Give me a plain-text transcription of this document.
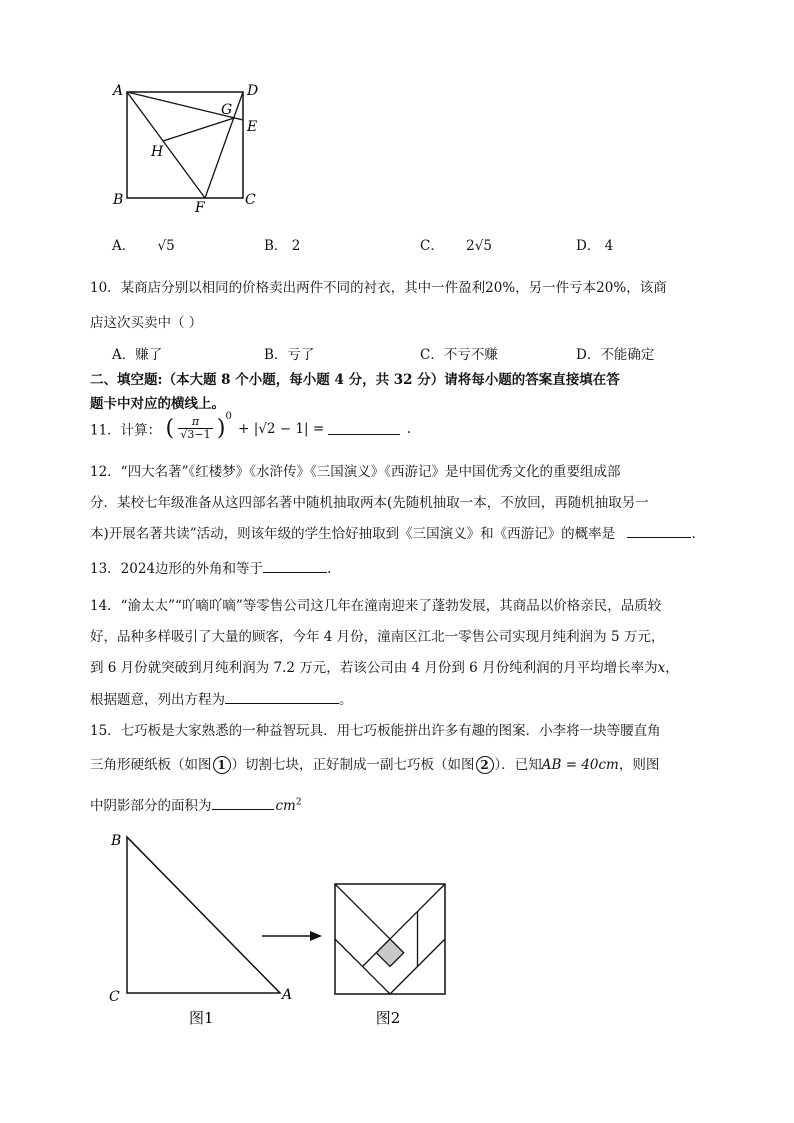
A	D
G
E
H
B	C
F
A． √5	B． 2	C． 2√5	D． 4
10．某商店分别以相同的价格卖出两件不同的衬衣，其中一件盈利20%，另一件亏本20%，该商
店这次买卖中（ ）
A．赚了	B．亏了	C．不亏不赚	D．不能确定
二、填空题:（本大题 8 个小题，每小题 4 分，共 32 分）请将每小题的答案直接填在答
题卡中对应的横线上。
11．计算： ( $\frac{\pi}{√3-1} )^0 + |√2 - 1|$ =	.
12．“四大名著”《红楼梦》《水浒传》《三国演义》《西游记》是中国优秀文化的重要组成部
分．某校七年级准备从这四部名著中随机抽取两本(先随机抽取一本，不放回，再随机抽取另一
本)开展名著共读”活动，则该年级的学生恰好抽取到《三国演义》和《西游记》的概率是	.
13．2024边形的外角和等于	.
14．“渝太太”“吖嘀吖嘀”等零售公司这几年在潼南迎来了蓬勃发展，其商品以价格亲民，品质较
好，品种多样吸引了大量的顾客，今年 4 月份，潼南区江北一零售公司实现月纯利润为 5 万元，
到 6 月份就突破到月纯利润为 7.2 万元，若该公司由 4 月份到 6 月份纯利润的月平均增长率为x，
根据题意，列出方程为	。
15．七巧板是大家熟悉的一种益智玩具．用七巧板能拼出许多有趣的图案．小李将一块等腰直角
三角形硬纸板（如图 1 ）切割七块，正好制成一副七巧板（如图 2 ）．已知AB = 40cm，则图
中阴影部分的面积为	$cm^2$
B
C	A
图1	图2
